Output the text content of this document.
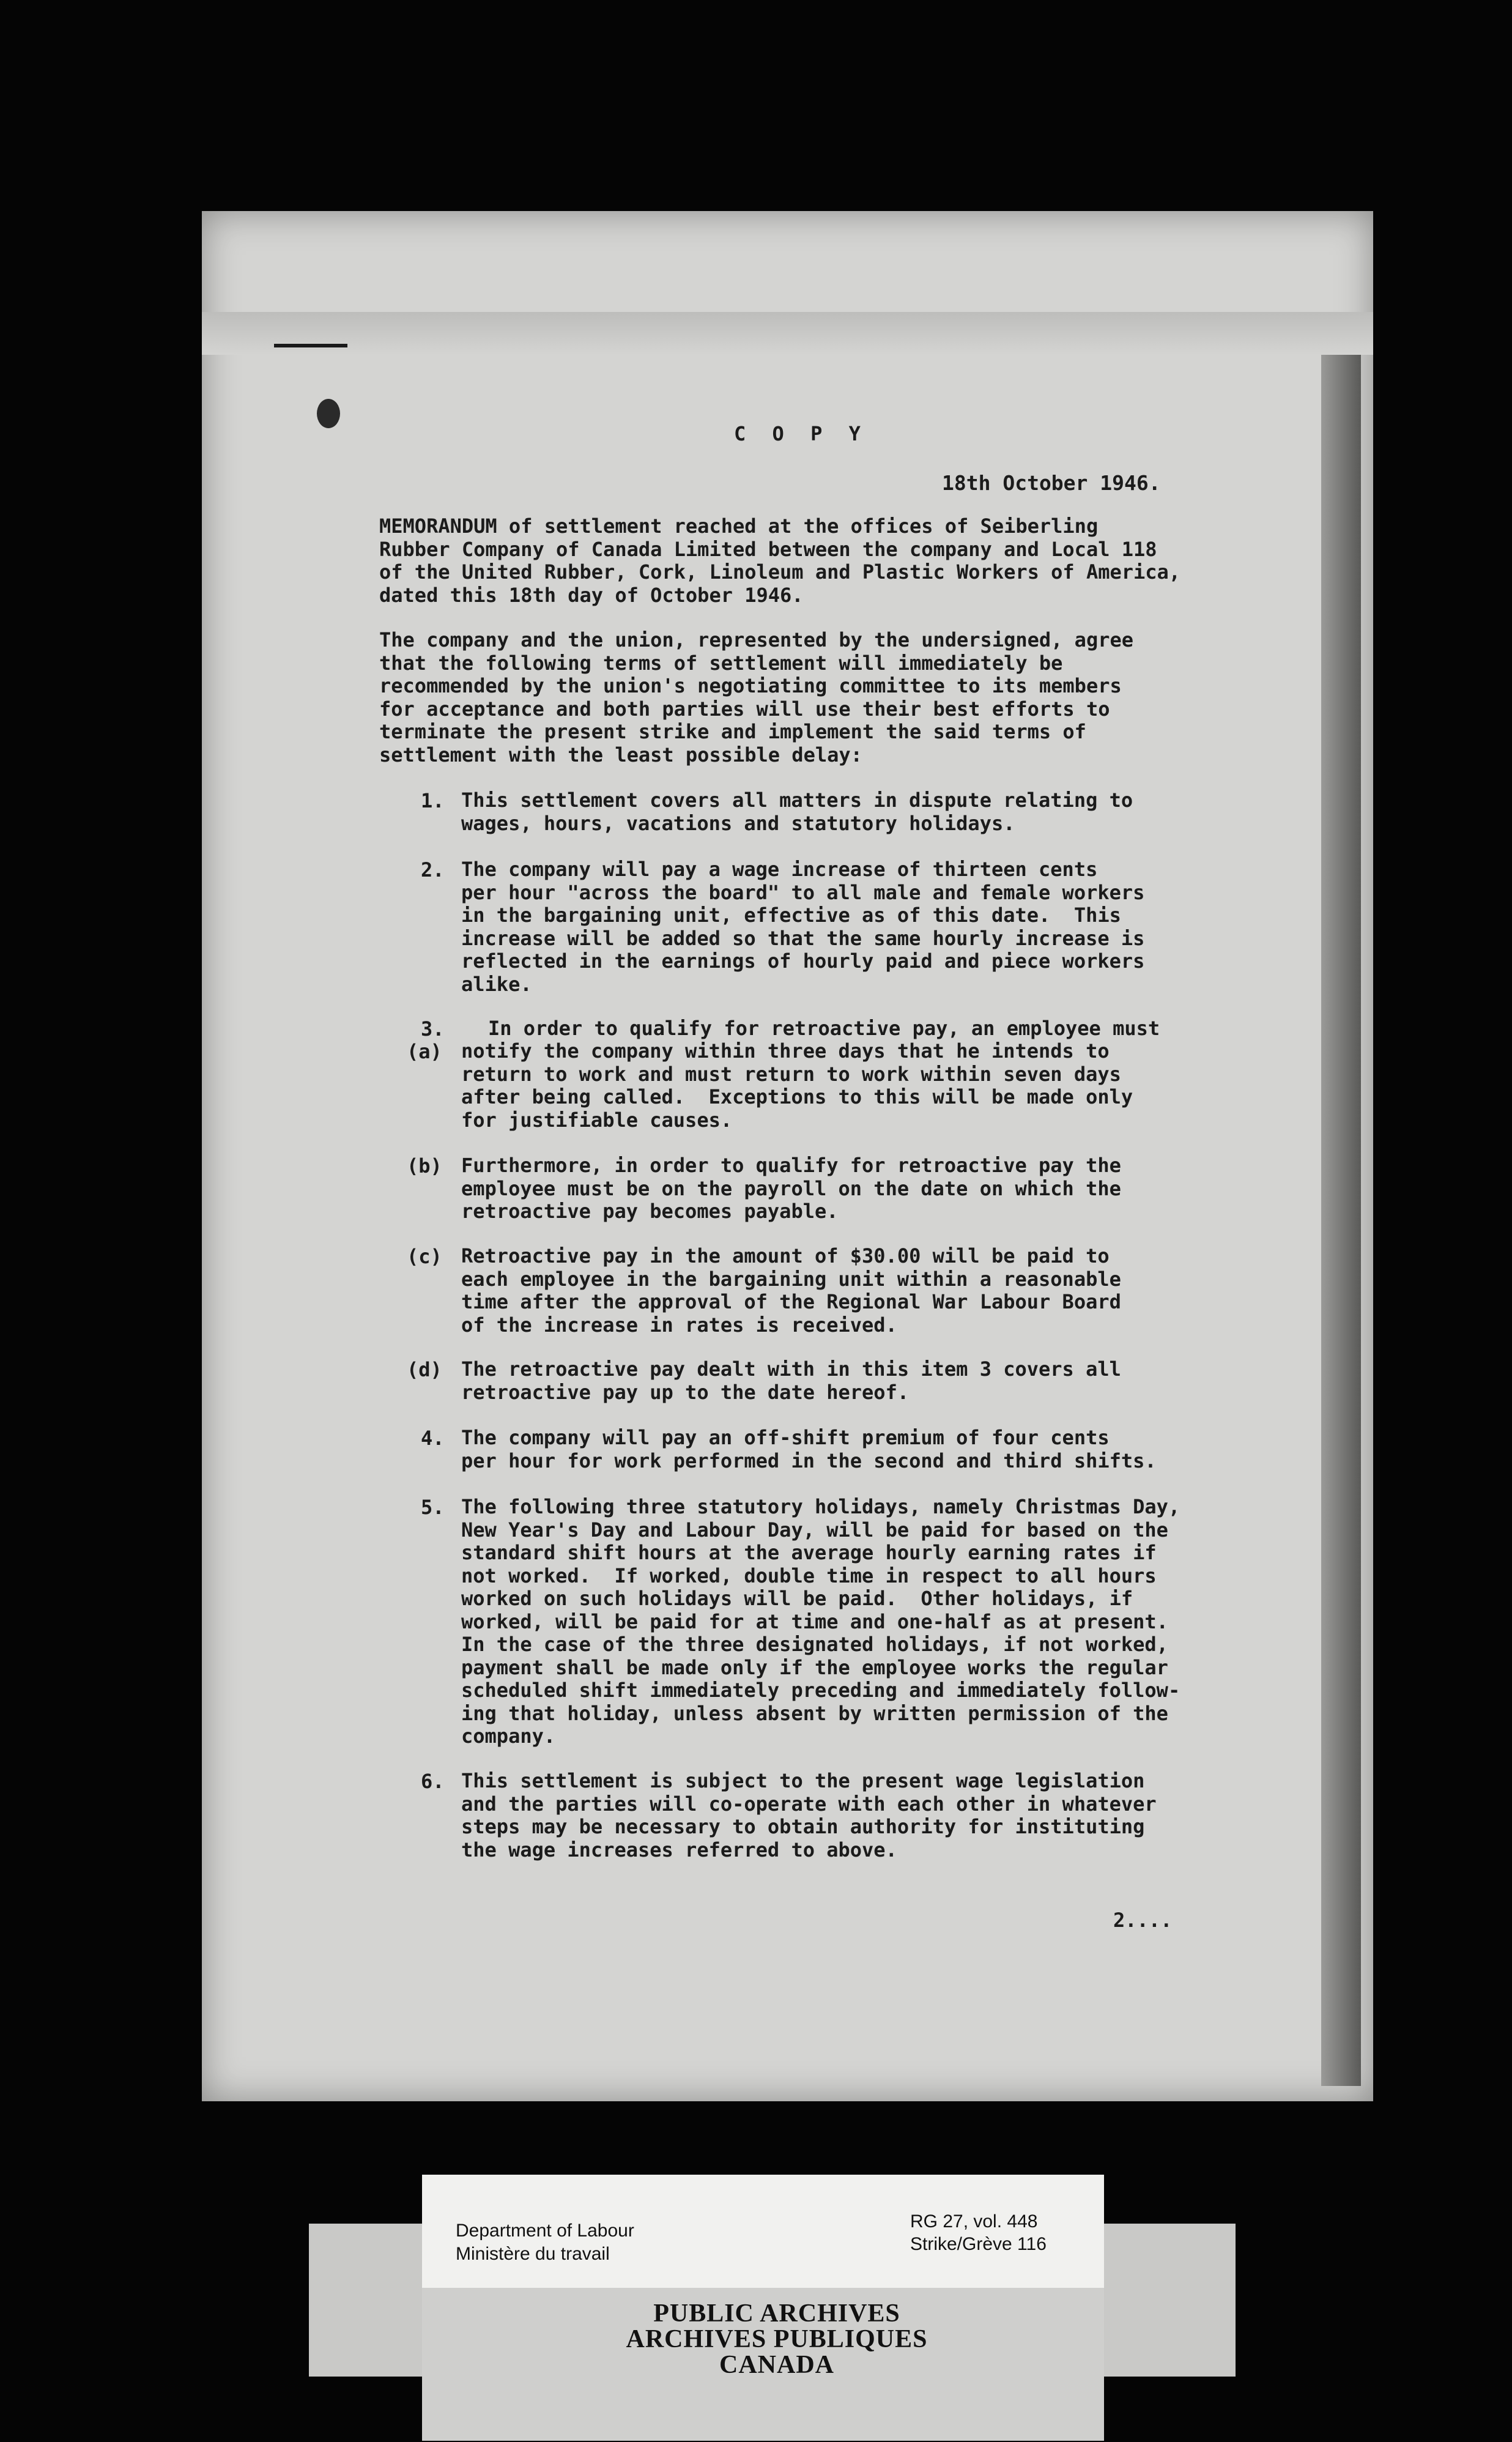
C O P Y
18th October 1946.
MEMORANDUM of settlement reached at the offices of Seiberling
Rubber Company of Canada Limited between the company and Local 118
of the United Rubber, Cork, Linoleum and Plastic Workers of America,
dated this 18th day of October 1946.
The company and the union, represented by the undersigned, agree
that the following terms of settlement will immediately be
recommended by the union's negotiating committee to its members
for acceptance and both parties will use their best efforts to
terminate the present strike and implement the said terms of
settlement with the least possible delay:
1. This settlement covers all matters in dispute relating to
wages, hours, vacations and statutory holidays.
2. The company will pay a wage increase of thirteen cents
per hour "across the board" to all male and female workers
in the bargaining unit, effective as of this date.  This
increase will be added so that the same hourly increase is
reflected in the earnings of hourly paid and piece workers
alike.
3. In order to qualify for retroactive pay, an employee must
(a) notify the company within three days that he intends to
return to work and must return to work within seven days
after being called.  Exceptions to this will be made only
for justifiable causes.
(b) Furthermore, in order to qualify for retroactive pay the
employee must be on the payroll on the date on which the
retroactive pay becomes payable.
(c) Retroactive pay in the amount of $30.00 will be paid to
each employee in the bargaining unit within a reasonable
time after the approval of the Regional War Labour Board
of the increase in rates is received.
(d) The retroactive pay dealt with in this item 3 covers all
retroactive pay up to the date hereof.
4. The company will pay an off-shift premium of four cents
per hour for work performed in the second and third shifts.
5. The following three statutory holidays, namely Christmas Day,
New Year's Day and Labour Day, will be paid for based on the
standard shift hours at the average hourly earning rates if
not worked.  If worked, double time in respect to all hours
worked on such holidays will be paid.  Other holidays, if
worked, will be paid for at time and one-half as at present.
In the case of the three designated holidays, if not worked,
payment shall be made only if the employee works the regular
scheduled shift immediately preceding and immediately follow-
ing that holiday, unless absent by written permission of the
company.
6. This settlement is subject to the present wage legislation
and the parties will co-operate with each other in whatever
steps may be necessary to obtain authority for instituting
the wage increases referred to above.
2....
Department of Labour
Ministère du travail
RG 27, vol. 448
Strike/Grève 116
PUBLIC ARCHIVES
ARCHIVES PUBLIQUES
CANADA
